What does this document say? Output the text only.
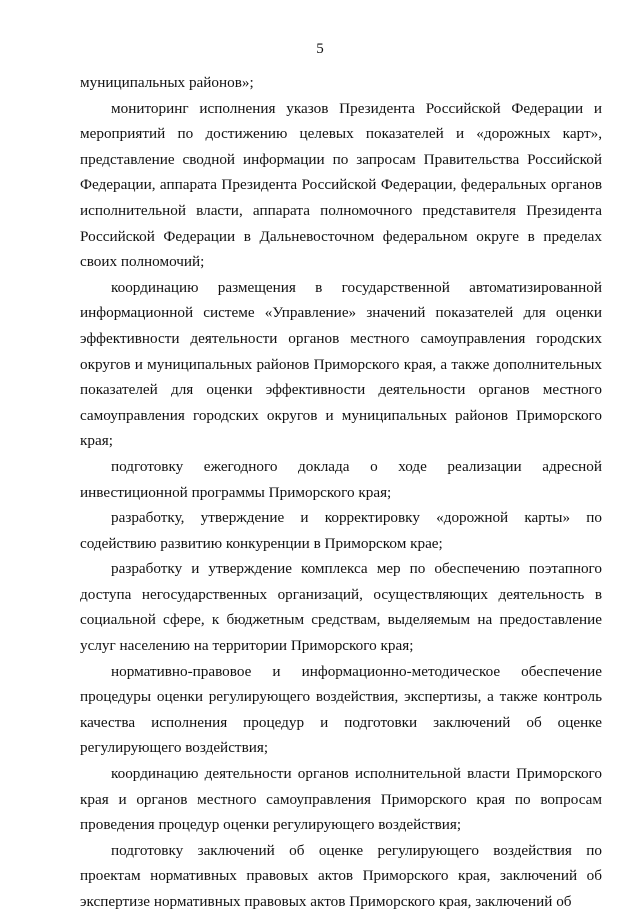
5

муниципальных районов»;

мониторинг исполнения указов Президента Российской Федерации и мероприятий по достижению целевых показателей и «дорожных карт», представление сводной информации по запросам Правительства Российской Федерации, аппарата Президента Российской Федерации, федеральных органов исполнительной власти, аппарата полномочного представителя Президента Российской Федерации в Дальневосточном федеральном округе в пределах своих полномочий;

координацию размещения в государственной автоматизированной информационной системе «Управление» значений показателей для оценки эффективности деятельности органов местного самоуправления городских округов и муниципальных районов Приморского края, а также дополнительных показателей для оценки эффективности деятельности органов местного самоуправления городских округов и муниципальных районов Приморского края;

подготовку ежегодного доклада о ходе реализации адресной инвестиционной программы Приморского края;

разработку, утверждение и корректировку «дорожной карты» по содействию развитию конкуренции в Приморском крае;

разработку и утверждение комплекса мер по обеспечению поэтапного доступа негосударственных организаций, осуществляющих деятельность в социальной сфере, к бюджетным средствам, выделяемым на предоставление услуг населению на территории Приморского края;

нормативно-правовое и информационно-методическое обеспечение процедуры оценки регулирующего воздействия, экспертизы, а также контроль качества исполнения процедур и подготовки заключений об оценке регулирующего воздействия;

координацию деятельности органов исполнительной власти Приморского края и органов местного самоуправления Приморского края по вопросам проведения процедур оценки регулирующего воздействия;

подготовку заключений об оценке регулирующего воздействия по проектам нормативных правовых актов Приморского края, заключений об экспертизе нормативных правовых актов Приморского края, заключений об
